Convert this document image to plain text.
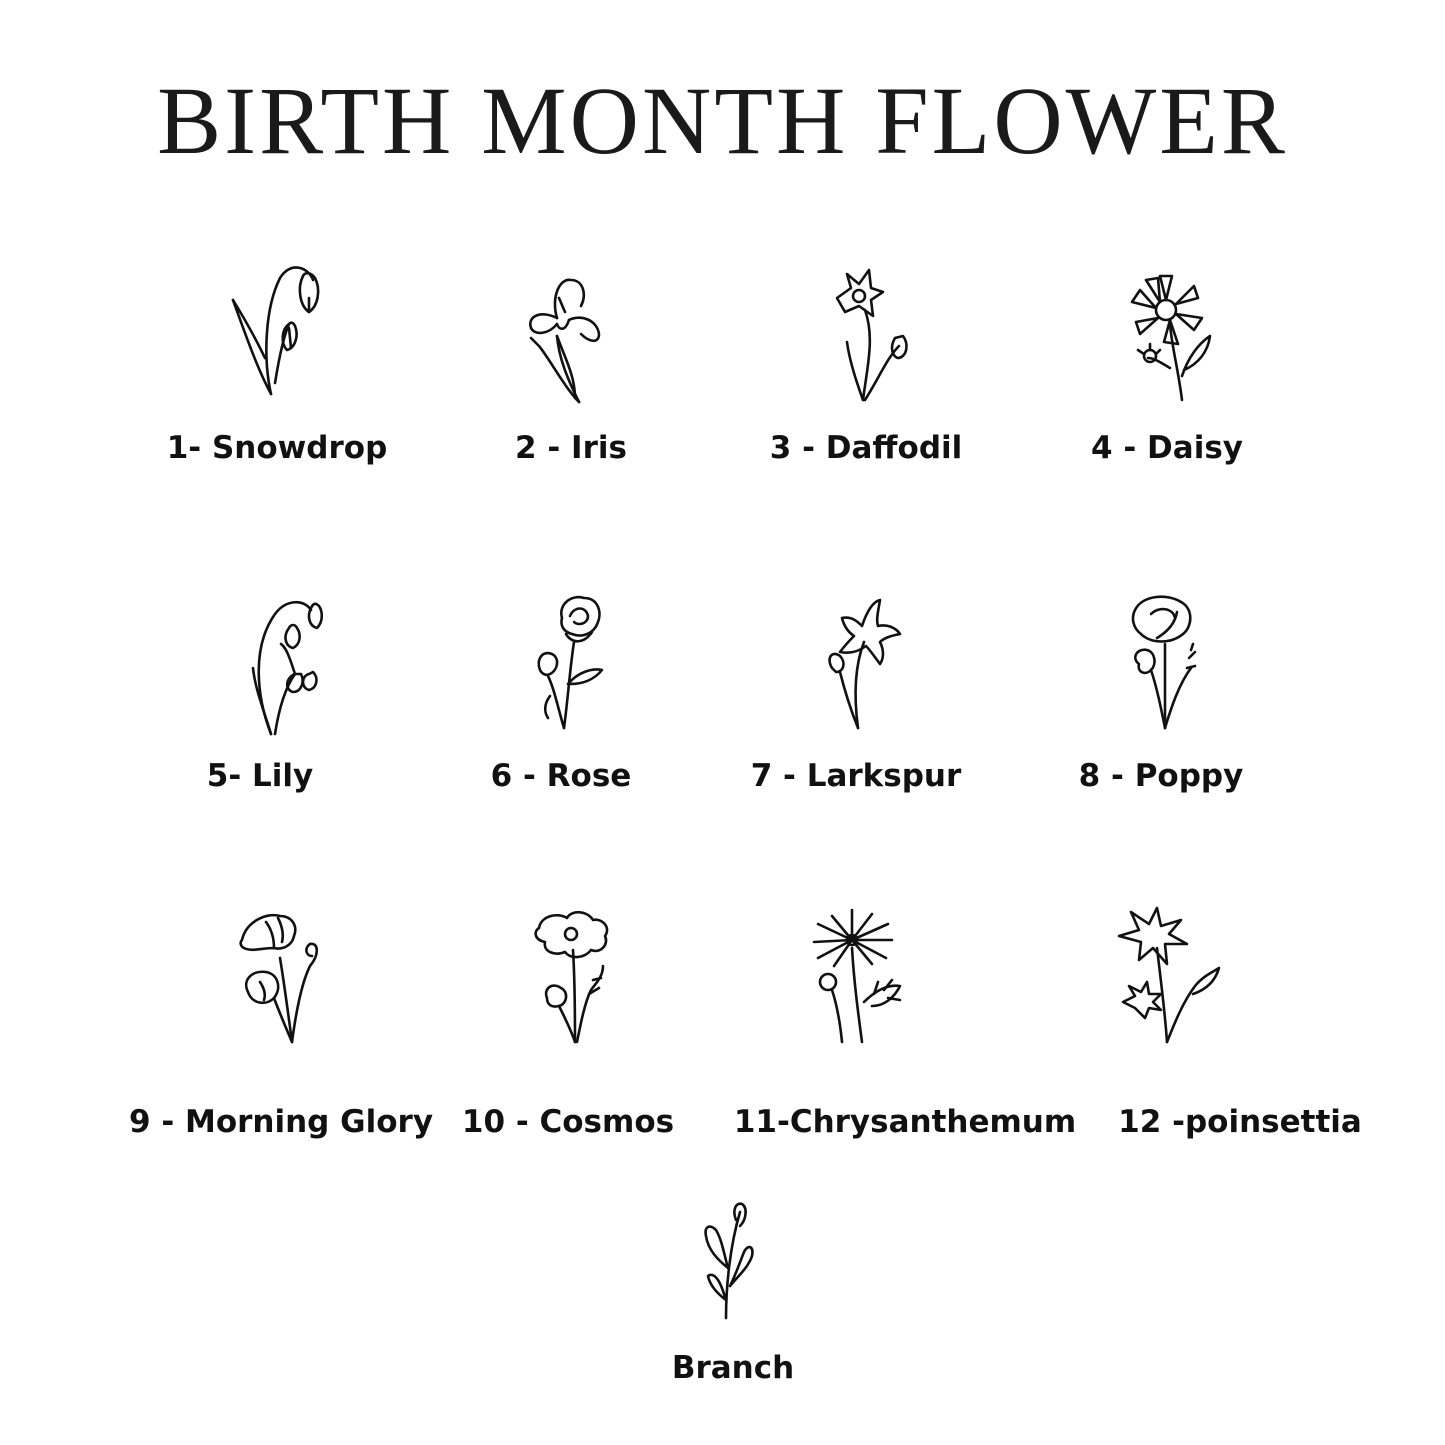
BIRTH MONTH FLOWER
1- Snowdrop	2 - Iris	3 - Daffodil	4 - Daisy
5- Lily	6 - Rose	7 - Larkspur	8 - Poppy
9 - Morning Glory 10 - Cosmos 11-Chrysanthemum 12 -poinsettia
Branch
